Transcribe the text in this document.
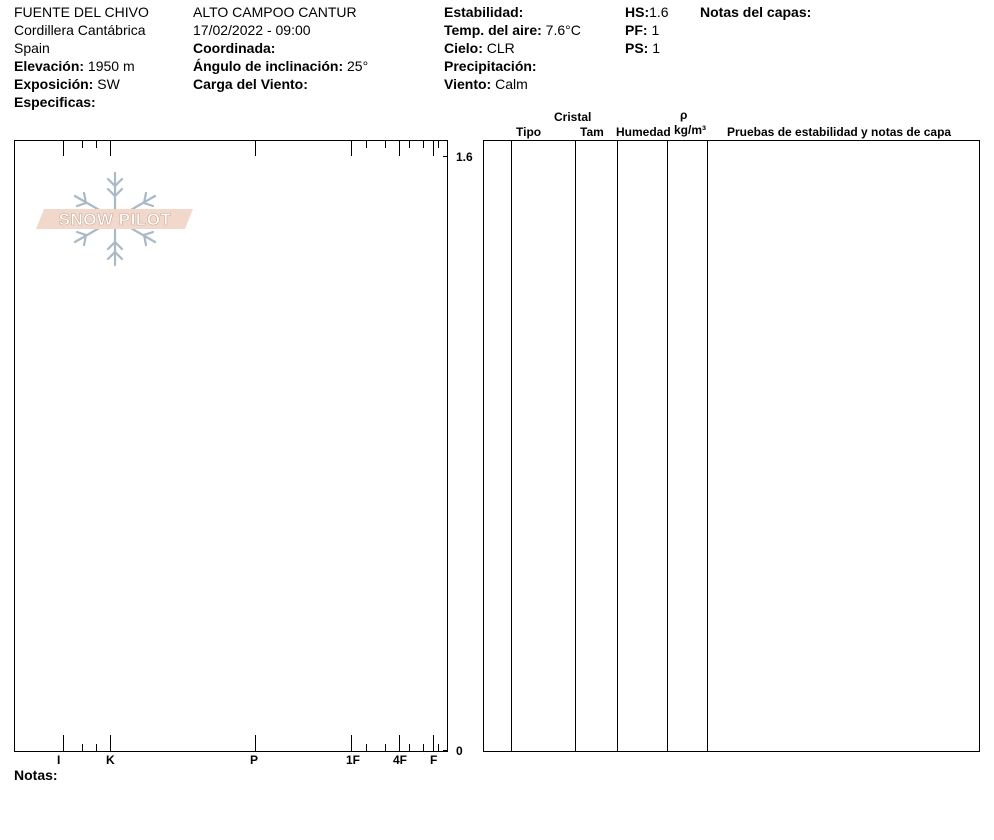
FUENTE DEL CHIVO
Cordillera Cantábrica
Spain
Elevación: 1950 m
Exposición: SW
Especificas:
ALTO CAMPOO CANTUR
17/02/2022 - 09:00
Coordinada:
Ángulo de inclinación: 25°
Carga del Viento:
Estabilidad:
Temp. del aire: 7.6°C
Cielo: CLR
Precipitación:
Viento: Calm
HS:1.6
PF: 1
PS: 1
Notas del capas:
SNOW PILOT
I	K	P	1F	4F F
1.6
0
Cristal	ρ
Tipo	Tam Humedad kg/m³ Pruebas de estabilidad y notas de capa
Notas:
